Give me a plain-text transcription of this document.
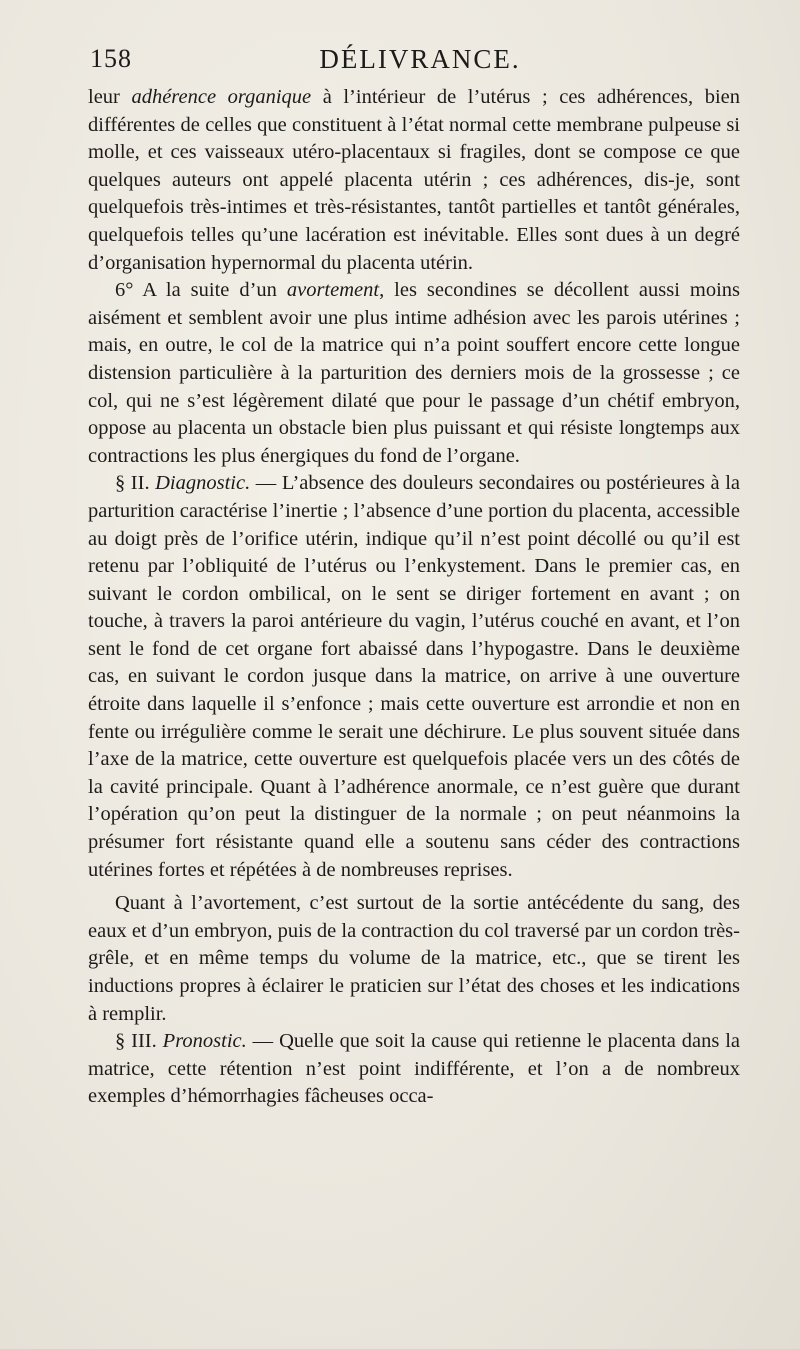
158	DÉLIVRANCE.

leur adhérence organique à l’intérieur de l’utérus ; ces adhérences, bien différentes de celles que constituent à l’état normal cette membrane pulpeuse si molle, et ces vaisseaux utéro-placentaux si fragiles, dont se compose ce que quelques auteurs ont appelé placenta utérin ; ces adhérences, dis-je, sont quelquefois très-intimes et très-résistantes, tantôt partielles et tantôt générales, quelquefois telles qu’une lacération est inévitable. Elles sont dues à un degré d’organisation hypernormal du placenta utérin.

6° A la suite d’un avortement, les secondines se décollent aussi moins aisément et semblent avoir une plus intime adhésion avec les parois utérines ; mais, en outre, le col de la matrice qui n’a point souffert encore cette longue distension particulière à la parturition des derniers mois de la grossesse ; ce col, qui ne s’est légèrement dilaté que pour le passage d’un chétif embryon, oppose au placenta un obstacle bien plus puissant et qui résiste longtemps aux contractions les plus énergiques du fond de l’organe.

§ II. Diagnostic. — L’absence des douleurs secondaires ou postérieures à la parturition caractérise l’inertie ; l’absence d’une portion du placenta, accessible au doigt près de l’orifice utérin, indique qu’il n’est point décollé ou qu’il est retenu par l’obliquité de l’utérus ou l’enkystement. Dans le premier cas, en suivant le cordon ombilical, on le sent se diriger fortement en avant ; on touche, à travers la paroi antérieure du vagin, l’utérus couché en avant, et l’on sent le fond de cet organe fort abaissé dans l’hypogastre. Dans le deuxième cas, en suivant le cordon jusque dans la matrice, on arrive à une ouverture étroite dans laquelle il s’enfonce ; mais cette ouverture est arrondie et non en fente ou irrégulière comme le serait une déchirure. Le plus souvent située dans l’axe de la matrice, cette ouverture est quelquefois placée vers un des côtés de la cavité principale. Quant à l’adhérence anormale, ce n’est guère que durant l’opération qu’on peut la distinguer de la normale ; on peut néanmoins la présumer fort résistante quand elle a soutenu sans céder des contractions utérines fortes et répétées à de nombreuses reprises.

Quant à l’avortement, c’est surtout de la sortie antécédente du sang, des eaux et d’un embryon, puis de la contraction du col traversé par un cordon très-grêle, et en même temps du volume de la matrice, etc., que se tirent les inductions propres à éclairer le praticien sur l’état des choses et les indications à remplir.

§ III. Pronostic. — Quelle que soit la cause qui retienne le placenta dans la matrice, cette rétention n’est point indifférente, et l’on a de nombreux exemples d’hémorrhagies fâcheuses occa-
